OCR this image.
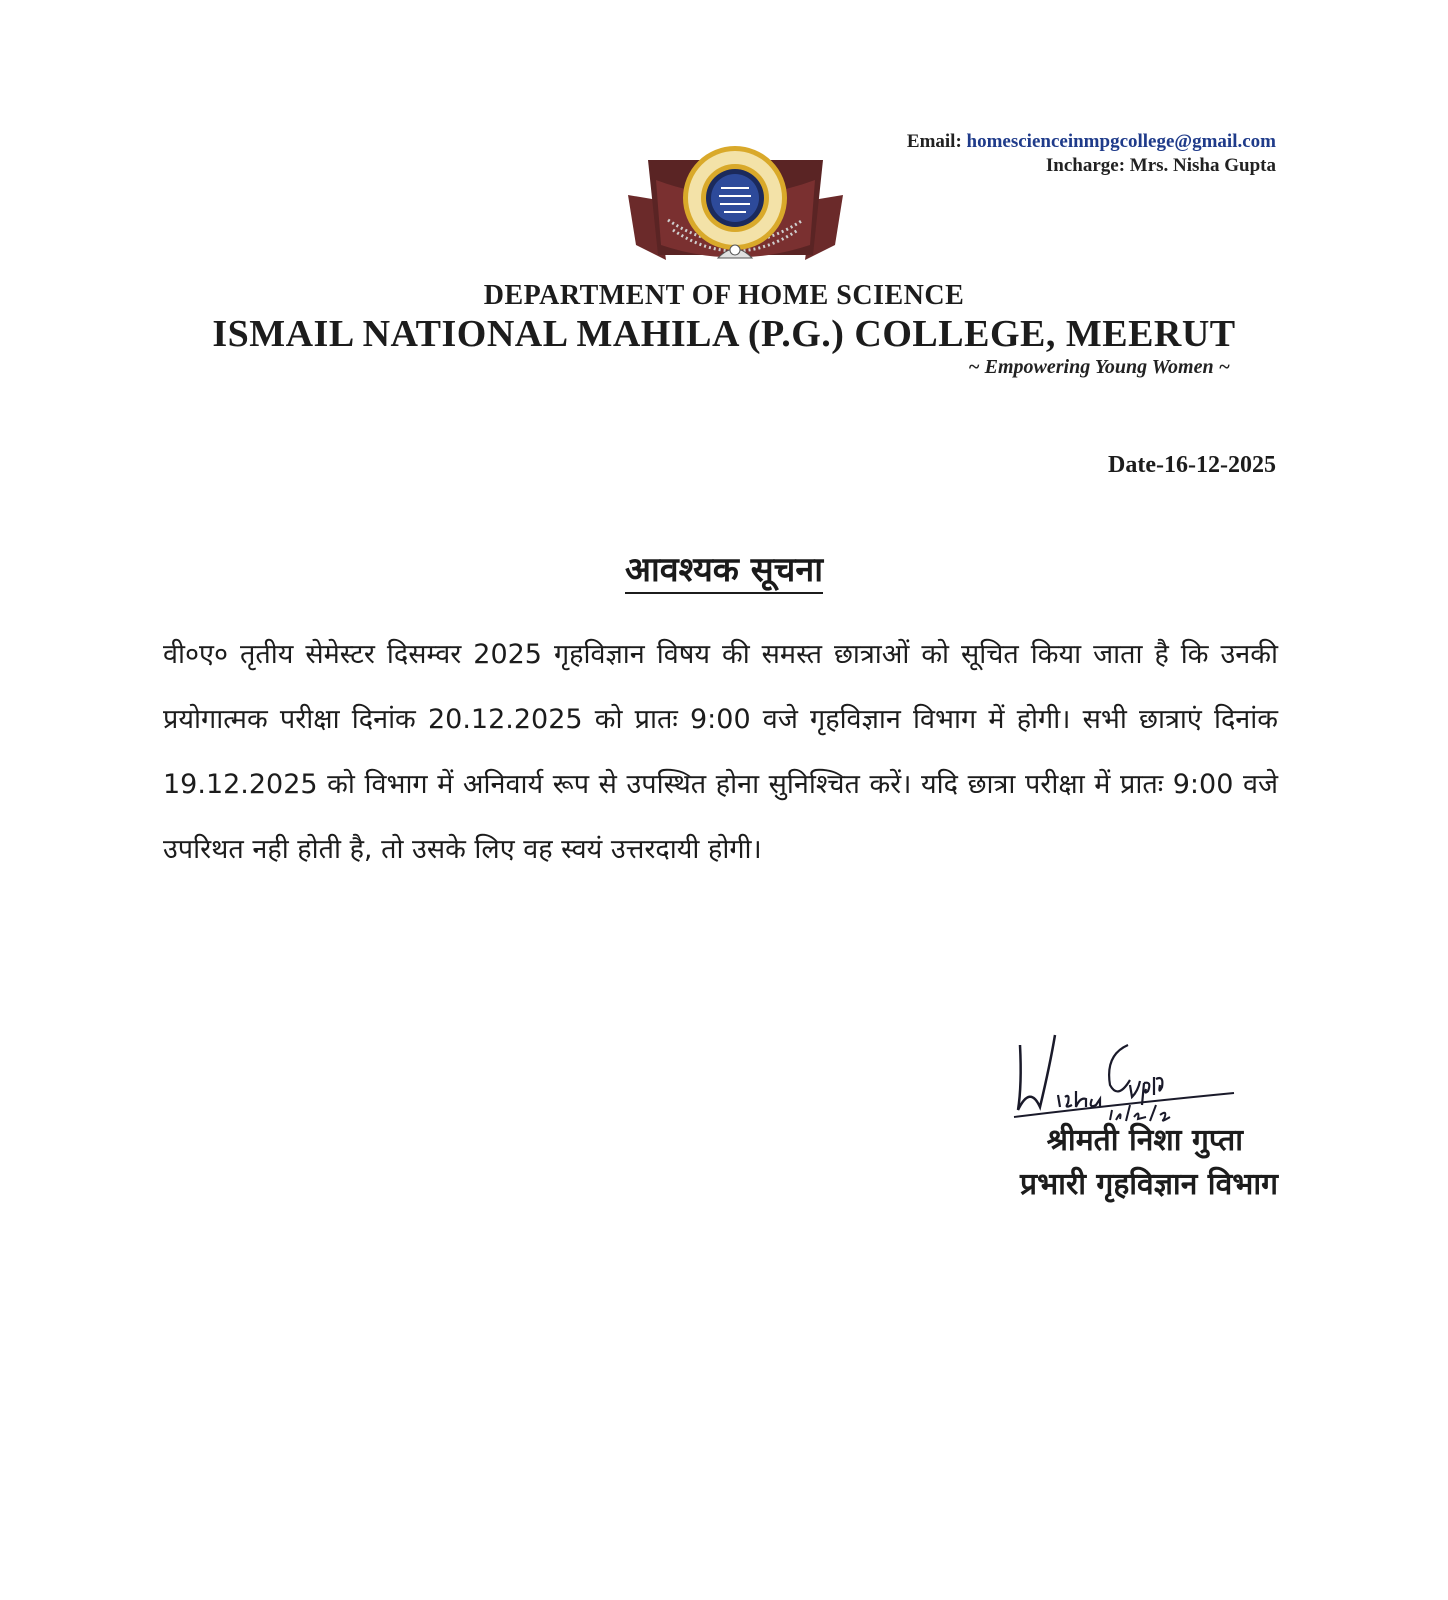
Email: homescienceinmpgcollege@gmail.com
Incharge: Mrs. Nisha Gupta
DEPARTMENT OF HOME SCIENCE
ISMAIL NATIONAL MAHILA (P.G.) COLLEGE, MEERUT
~ Empowering Young Women ~
Date-16-12-2025
आवश्यक सूचना
वी०ए० तृतीय सेमेस्टर दिसम्वर 2025 गृहविज्ञान विषय की समस्त छात्राओं को सूचित किया जाता है कि उनकी प्रयोगात्मक परीक्षा दिनांक 20.12.2025 को प्रातः 9:00 वजे गृहविज्ञान विभाग में होगी। सभी छात्राएं दिनांक 19.12.2025 को विभाग में अनिवार्य रूप से उपस्थित होना सुनिश्चित करें। यदि छात्रा परीक्षा में प्रातः 9:00 वजे उपरिथत नही होती है, तो उसके लिए वह स्वयं उत्तरदायी होगी।
श्रीमती निशा गुप्ता
प्रभारी गृहविज्ञान विभाग
